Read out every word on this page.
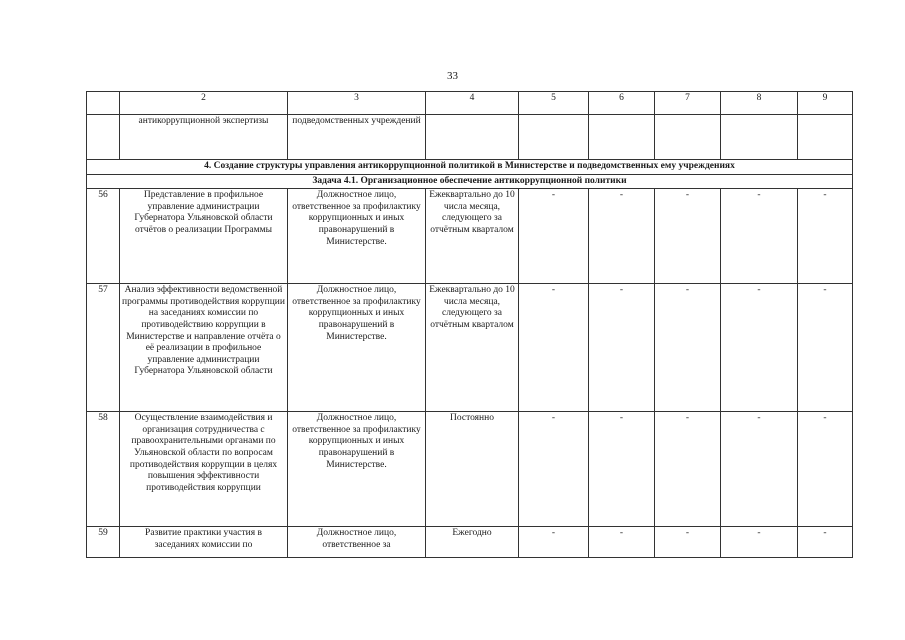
33
	2	3	4	5	6	7	8	9
	антикоррупционной экспертизы	подведомственных учреждений						
4. Создание структуры управления антикоррупционной политикой в Министерстве и подведомственных ему учреждениях								
Задача 4.1. Организационное обеспечение антикоррупционной политики								
56	Представление в профильное управление администрации Губернатора Ульяновской области отчётов о реализации Программы	Должностное лицо, ответственное за профилактику коррупционных и иных правонарушений в Министерстве.	Ежеквартально до 10 числа месяца, следующего за отчётным кварталом	-	-	-	-	-
57	Анализ эффективности ведомственной программы противодействия коррупции на заседаниях комиссии по противодействию коррупции в Министерстве и направление отчёта о её реализации в профильное управление администрации Губернатора Ульяновской области	Должностное лицо, ответственное за профилактику коррупционных и иных правонарушений в Министерстве.	Ежеквартально до 10 числа месяца, следующего за отчётным кварталом	-	-	-	-	-
58	Осуществление взаимодействия и организация сотрудничества с правоохранительными органами по Ульяновской области по вопросам противодействия коррупции в целях повышения эффективности противодействия коррупции	Должностное лицо, ответственное за профилактику коррупционных и иных правонарушений в Министерстве.	Постоянно	-	-	-	-	-
59	Развитие практики участия в заседаниях комиссии по	Должностное лицо, ответственное за	Ежегодно	-	-	-	-	-
